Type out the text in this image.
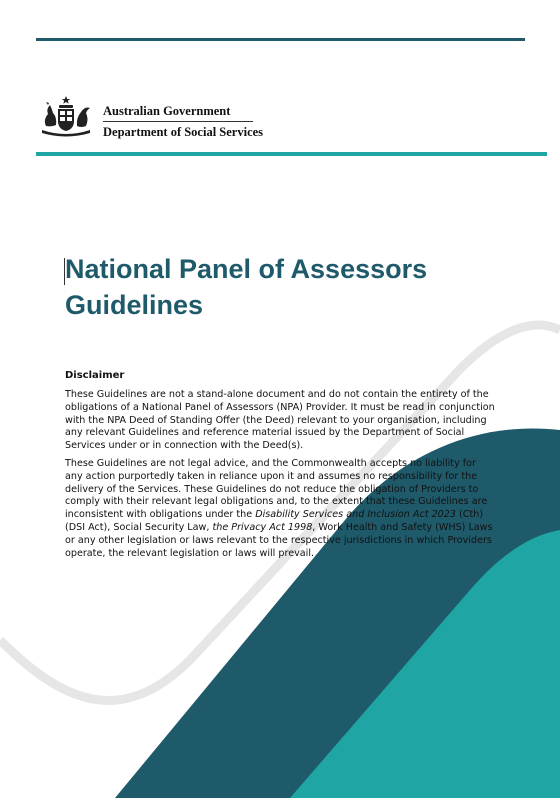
Australian Government
Department of Social Services
National Panel of Assessors
Guidelines
Disclaimer

These Guidelines are not a stand-alone document and do not contain the entirety of the obligations of a National Panel of Assessors (NPA) Provider. It must be read in conjunction with the NPA Deed of Standing Offer (the Deed) relevant to your organisation, including any relevant Guidelines and reference material issued by the Department of Social Services under or in connection with the Deed(s).

These Guidelines are not legal advice, and the Commonwealth accepts no liability for any action purportedly taken in reliance upon it and assumes no responsibility for the delivery of the Services. These Guidelines do not reduce the obligation of Providers to comply with their relevant legal obligations and, to the extent that these Guidelines are inconsistent with obligations under the Disability Services and Inclusion Act 2023 (Cth) (DSI Act), Social Security Law, the Privacy Act 1998, Work Health and Safety (WHS) Laws or any other legislation or laws relevant to the respective jurisdictions in which Providers operate, the relevant legislation or laws will prevail.
